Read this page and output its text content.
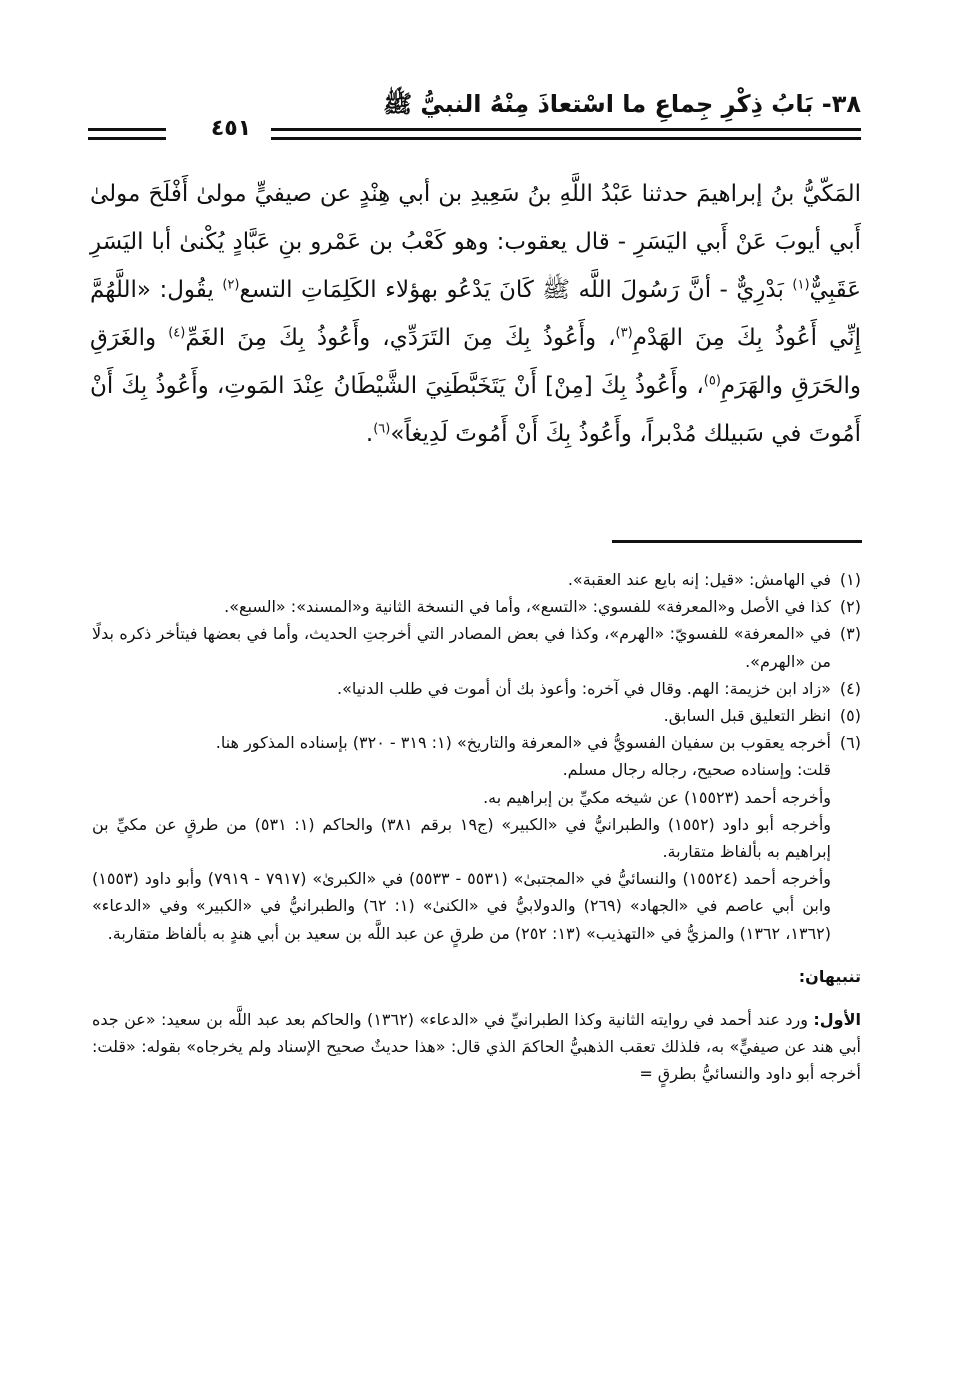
٣٨- بَابُ ذِكْرِ جِماعِ ما اسْتعاذَ مِنْهُ النبيُّ ﷺ
٤٥١

المَكّيُّ بنُ إبراهيمَ حدثنا عَبْدُ اللَّهِ بنُ سَعِيدِ بن أبي هِنْدٍ عن صيفيٍّ مولىٰ أَفْلَحَ مولىٰ أَبي أيوبَ عَنْ أَبي اليَسَرِ - قال يعقوب: وهو كَعْبُ بن عَمْرو بنِ عَبَّادٍ يُكْنىٰ أبا اليَسَرِ عَقَبِيٌّ$^{(١)}$ بَدْرِيٌّ - أنَّ رَسُولَ اللَّه ﷺ كَانَ يَدْعُو بهؤلاء الكَلِمَاتِ التسع$^{(٢)}$ يقُول: «اللَّهُمَّ إِنِّي أَعُوذُ بِكَ مِنَ الهَدْمِ$^{(٣)}$، وأَعُوذُ بِكَ مِنَ التَرَدِّي، وأَعُوذُ بِكَ مِنَ الغَمِّ$^{(٤)}$ والغَرَقِ والحَرَقِ والهَرَمِ$^{(٥)}$، وأَعُوذُ بِكَ [مِنْ] أَنْ يَتَخَبَّطَنِيَ الشَّيْطَانُ عِنْدَ المَوتِ، وأَعُوذُ بِكَ أَنْ أَمُوتَ في سَبيلك مُدْبراً، وأَعُوذُ بِكَ أَنْ أَمُوتَ لَدِيغاً»$^{(٦)}$.

(١)
في الهامش: «قيل: إنه بايع عند العقبة».

(٢)
كذا في الأصل و«المعرفة» للفسوي: «التسع»، وأما في النسخة الثانية و«المسند»: «السبع».

(٣)
في «المعرفة» للفسويّ: «الهرم»، وكذا في بعض المصادر التي أخرجتِ الحديث، وأما في بعضها فيتأخر ذكره بدلًا من «الهرم».

(٤)
«زاد ابن خزيمة: الهم. وقال في آخره: وأعوذ بك أن أموت في طلب الدنيا».

(٥)
انظر التعليق قبل السابق.

(٦)
أخرجه يعقوب بن سفيان الفسويُّ في «المعرفة والتاريخ» (١: ٣١٩ - ٣٢٠) بإسناده المذكور هنا.

قلت: وإسناده صحيح، رجاله رجال مسلم.

وأخرجه أحمد (١٥٥٢٣) عن شيخه مكيِّ بن إبراهيم به.

وأخرجه أبو داود (١٥٥٢) والطبرانيُّ في «الكبير» (ج١٩ برقم ٣٨١) والحاكم (١: ٥٣١) من طرقٍ عن مكيِّ بن إبراهيم به بألفاظ متقاربة.

وأخرجه أحمد (١٥٥٢٤) والنسائيُّ في «المجتبىٰ» (٥٥٣١ - ٥٥٣٣) في «الكبرىٰ» (٧٩١٧ - ٧٩١٩) وأبو داود (١٥٥٣) وابن أبي عاصم في «الجهاد» (٢٦٩) والدولابيُّ في «الكنىٰ» (١: ٦٢) والطبرانيُّ في «الكبير» وفي «الدعاء» (١٣٦٢، ١٣٦٢) والمزيُّ في «التهذيب» (١٣: ٢٥٢) من طرقٍ عن عبد اللَّه بن سعيد بن أبي هندٍ به بألفاظ متقاربة.

تنبيهان:

الأول: ورد عند أحمد في روايته الثانية وكذا الطبرانيِّ في «الدعاء» (١٣٦٢) والحاكم بعد عبد اللَّه بن سعيد: «عن جده أبي هند عن صيفيٍّ» به، فلذلك تعقب الذهبيُّ الحاكمَ الذي قال: «هذا حديثٌ صحيح الإسناد ولم يخرجاه» بقوله: «قلت: أخرجه أبو داود والنسائيُّ بطرقٍ =
